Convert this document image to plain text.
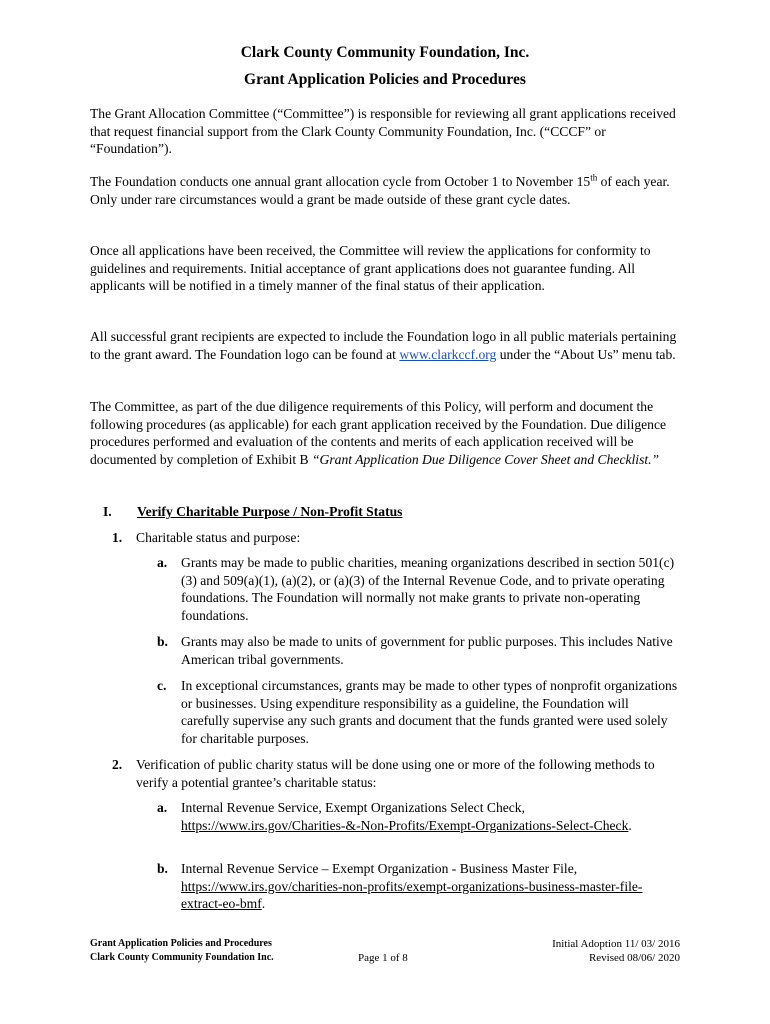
Clark County Community Foundation, Inc.
Grant Application Policies and Procedures

The Grant Allocation Committee (“Committee”) is responsible for reviewing all grant applications received that request financial support from the Clark County Community Foundation, Inc. (“CCCF” or “Foundation”).

The Foundation conducts one annual grant allocation cycle from October 1 to November 15th of each year. Only under rare circumstances would a grant be made outside of these grant cycle dates.

Once all applications have been received, the Committee will review the applications for conformity to guidelines and requirements. Initial acceptance of grant applications does not guarantee funding. All applicants will be notified in a timely manner of the final status of their application.

All successful grant recipients are expected to include the Foundation logo in all public materials pertaining to the grant award. The Foundation logo can be found at www.clarkccf.org under the “About Us” menu tab.

The Committee, as part of the due diligence requirements of this Policy, will perform and document the following procedures (as applicable) for each grant application received by the Foundation. Due diligence procedures performed and evaluation of the contents and merits of each application received will be documented by completion of Exhibit B “Grant Application Due Diligence Cover Sheet and Checklist.”

I. Verify Charitable Purpose / Non-Profit Status
1. Charitable status and purpose:
a. Grants may be made to public charities, meaning organizations described in section 501(c)(3) and 509(a)(1), (a)(2), or (a)(3) of the Internal Revenue Code, and to private operating foundations. The Foundation will normally not make grants to private non-operating foundations.
b. Grants may also be made to units of government for public purposes. This includes Native American tribal governments.
c. In exceptional circumstances, grants may be made to other types of nonprofit organizations or businesses. Using expenditure responsibility as a guideline, the Foundation will carefully supervise any such grants and document that the funds granted were used solely for charitable purposes.
2. Verification of public charity status will be done using one or more of the following methods to verify a potential grantee’s charitable status:
a. Internal Revenue Service, Exempt Organizations Select Check, https://www.irs.gov/Charities-&-Non-Profits/Exempt-Organizations-Select-Check.
b. Internal Revenue Service – Exempt Organization - Business Master File, https://www.irs.gov/charities-non-profits/exempt-organizations-business-master-file-extract-eo-bmf.
Grant Application Policies and Procedures
Clark County Community Foundation Inc.	Page 1 of 8
Initial Adoption 11/ 03/ 2016
Revised 08/06/ 2020
